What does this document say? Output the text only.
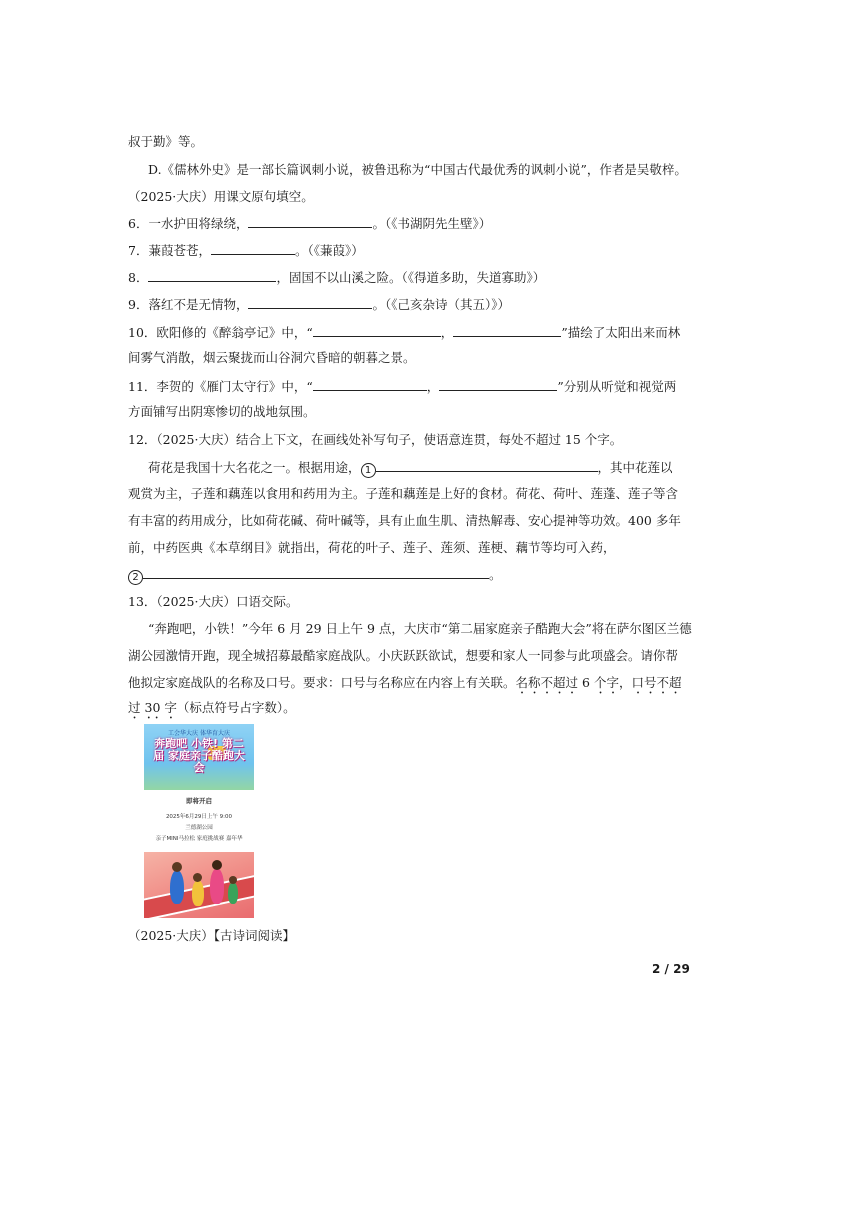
叔于勤》等。
D.《儒林外史》是一部长篇讽刺小说，被鲁迅称为“中国古代最优秀的讽刺小说”，作者是吴敬梓。
（2025·大庆）用课文原句填空。
6．一水护田将绿绕，	。（《书湖阴先生壁》）
7．蒹葭苍苍，	。（《蒹葭》）
8．	，固国不以山溪之险。（《得道多助，失道寡助》）
9．落红不是无情物，	。（《己亥杂诗（其五）》）
10．欧阳修的《醉翁亭记》中，“	，	”描绘了太阳出来而林
间雾气消散，烟云聚拢而山谷洞穴昏暗的朝暮之景。
11．李贺的《雁门太守行》中，“	，	”分别从听觉和视觉两
方面铺写出阴寒惨切的战地氛围。
12．（2025·大庆）结合上下文，在画线处补写句子，使语意连贯，每处不超过 15 个字。
荷花是我国十大名花之一。根据用途， 1	，其中花莲以
观赏为主，子莲和藕莲以食用和药用为主。子莲和藕莲是上好的食材。荷花、荷叶、莲蓬、莲子等含
有丰富的药用成分，比如荷花碱、荷叶碱等，具有止血生肌、清热解毒、安心提神等功效。400 多年
前，中药医典《本草纲目》就指出，荷花的叶子、莲子、莲须、莲梗、藕节等均可入药，
2	。
13．（2025·大庆）口语交际。
“奔跑吧，小铁！”今年 6 月 29 日上午 9 点，大庆市“第二届家庭亲子酷跑大会”将在萨尔图区兰德
湖公园激情开跑，现全城招募最酷家庭战队。小庆跃跃欲试，想要和家人一同参与此项盛会。请你帮
他拟定家庭战队的名称及口号。要求：口号与名称应在内容上有关联。名称不超过 6 个字，口号不超
过 30 字（标点符号占字数）。
工会华大庆 体华育大庆
奔跑吧 小铁! 第二届 家庭亲子酷跑大会
即将开启
2025年6月29日上午 9:00
兰德湖公园
亲子MINI马拉松 家庭挑战赛 嘉年华
（2025·大庆）【古诗词阅读】
2 / 29
